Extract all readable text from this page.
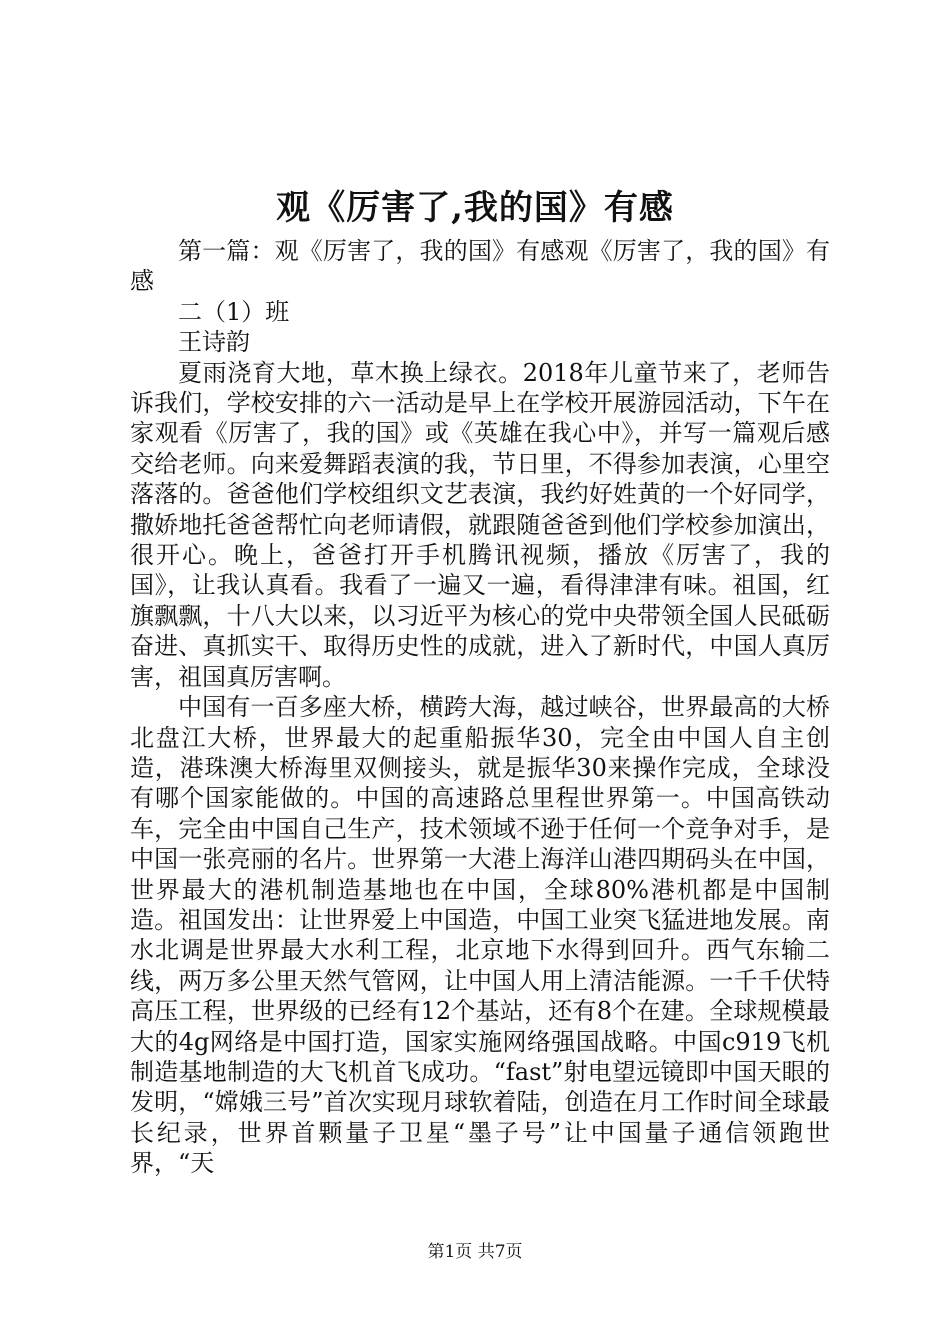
观《厉害了,我的国》有感

第一篇：观《厉害了，我的国》有感观《厉害了，我的国》有感

二（1）班

王诗韵

夏雨浇育大地，草木换上绿衣。2018年儿童节来了，老师告诉我们，学校安排的六一活动是早上在学校开展游园活动，下午在家观看《厉害了，我的国》或《英雄在我心中》，并写一篇观后感交给老师。向来爱舞蹈表演的我，节日里，不得参加表演，心里空落落的。爸爸他们学校组织文艺表演，我约好姓黄的一个好同学，撒娇地托爸爸帮忙向老师请假，就跟随爸爸到他们学校参加演出，很开心。晚上，爸爸打开手机腾讯视频，播放《厉害了，我的国》，让我认真看。我看了一遍又一遍，看得津津有味。祖国，红旗飘飘，十八大以来，以习近平为核心的党中央带领全国人民砥砺奋进、真抓实干、取得历史性的成就，进入了新时代，中国人真厉害，祖国真厉害啊。

中国有一百多座大桥，横跨大海，越过峡谷，世界最高的大桥北盘江大桥，世界最大的起重船振华30，完全由中国人自主创造，港珠澳大桥海里双侧接头，就是振华30来操作完成，全球没有哪个国家能做的。中国的高速路总里程世界第一。中国高铁动车，完全由中国自己生产，技术领域不逊于任何一个竞争对手，是中国一张亮丽的名片。世界第一大港上海洋山港四期码头在中国，世界最大的港机制造基地也在中国，全球80%港机都是中国制造。祖国发出：让世界爱上中国造，中国工业突飞猛进地发展。南水北调是世界最大水利工程，北京地下水得到回升。西气东输二线，两万多公里天然气管网，让中国人用上清洁能源。一千千伏特高压工程，世界级的已经有12个基站，还有8个在建。全球规模最大的4g网络是中国打造，国家实施网络强国战略。中国c919飞机制造基地制造的大飞机首飞成功。“fast”射电望远镜即中国天眼的发明，“嫦娥三号”首次实现月球软着陆，创造在月工作时间全球最长纪录，世界首颗量子卫星“墨子号”让中国量子通信领跑世界，“天

第1页 共7页
